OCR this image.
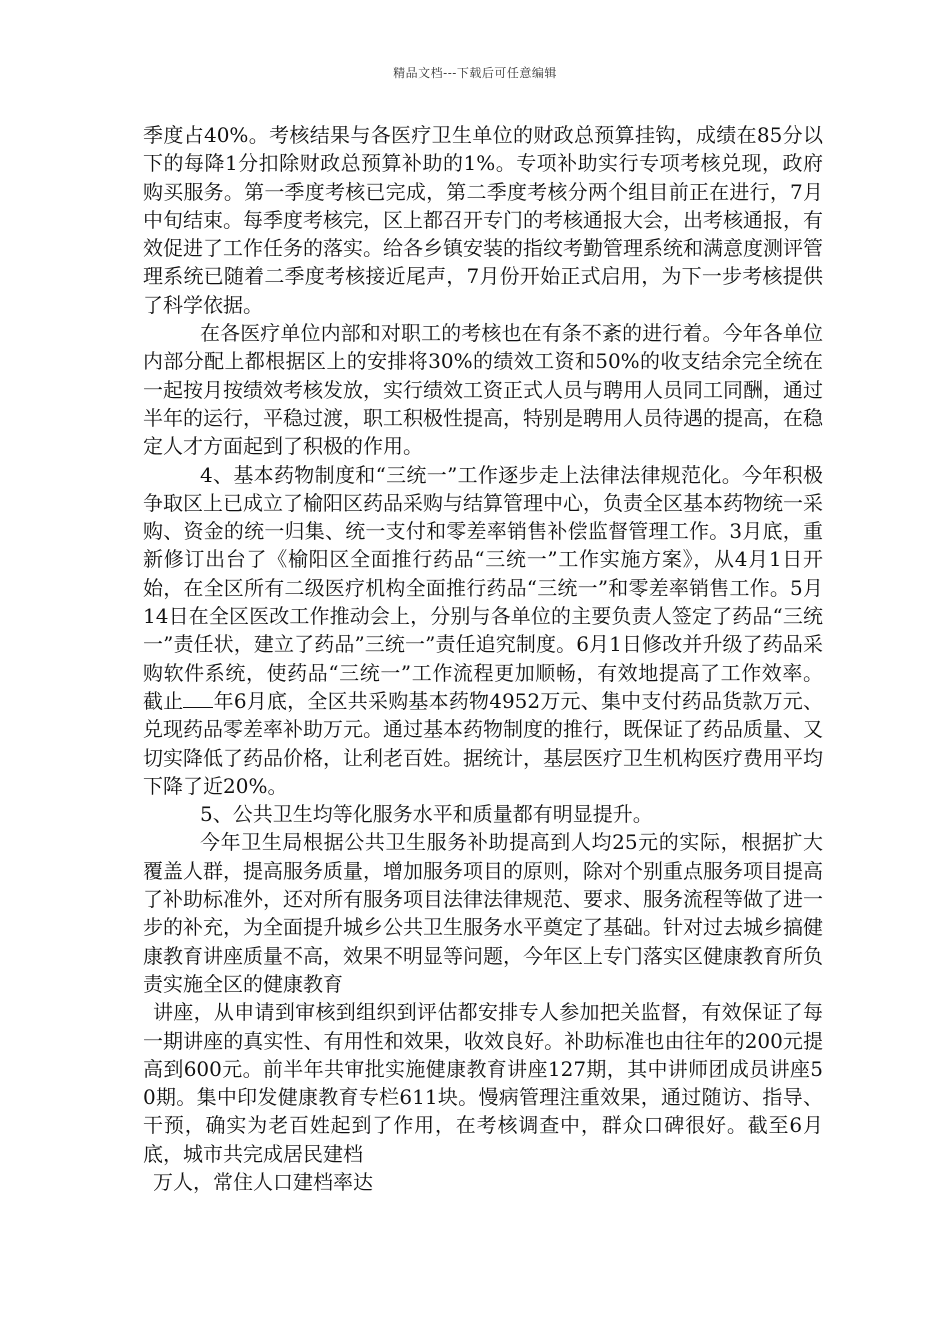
精品文档---下载后可任意编辑

季度占40%。考核结果与各医疗卫生单位的财政总预算挂钩，成绩在85分以下的每降1分扣除财政总预算补助的1%。专项补助实行专项考核兑现，政府购买服务。第一季度考核已完成，第二季度考核分两个组目前正在进行，7月中旬结束。每季度考核完，区上都召开专门的考核通报大会，出考核通报，有效促进了工作任务的落实。给各乡镇安装的指纹考勤管理系统和满意度测评管理系统已随着二季度考核接近尾声，7月份开始正式启用，为下一步考核提供了科学依据。

在各医疗单位内部和对职工的考核也在有条不紊的进行着。今年各单位内部分配上都根据区上的安排将30%的绩效工资和50%的收支结余完全统在一起按月按绩效考核发放，实行绩效工资正式人员与聘用人员同工同酬，通过半年的运行，平稳过渡，职工积极性提高，特别是聘用人员待遇的提高，在稳定人才方面起到了积极的作用。

4、基本药物制度和“三统一”工作逐步走上法律法律规范化。今年积极争取区上已成立了榆阳区药品采购与结算管理中心，负责全区基本药物统一采购、资金的统一归集、统一支付和零差率销售补偿监督管理工作。3月底，重新修订出台了《榆阳区全面推行药品“三统一”工作实施方案》，从4月1日开始，在全区所有二级医疗机构全面推行药品“三统一”和零差率销售工作。5月14日在全区医改工作推动会上，分别与各单位的主要负责人签定了药品“三统一”责任状，建立了药品”三统一”责任追究制度。6月1日修改并升级了药品采购软件系统，使药品“三统一”工作流程更加顺畅，有效地提高了工作效率。截止 年6月底，全区共采购基本药物4952万元、集中支付药品货款万元、兑现药品零差率补助万元。通过基本药物制度的推行，既保证了药品质量、又切实降低了药品价格，让利老百姓。据统计，基层医疗卫生机构医疗费用平均下降了近20%。

5、公共卫生均等化服务水平和质量都有明显提升。

今年卫生局根据公共卫生服务补助提高到人均25元的实际，根据扩大覆盖人群，提高服务质量，增加服务项目的原则，除对个别重点服务项目提高了补助标准外，还对所有服务项目法律法律规范、要求、服务流程等做了进一步的补充，为全面提升城乡公共卫生服务水平奠定了基础。针对过去城乡搞健康教育讲座质量不高，效果不明显等问题，今年区上专门落实区健康教育所负责实施全区的健康教育

讲座，从申请到审核到组织到评估都安排专人参加把关监督，有效保证了每一期讲座的真实性、有用性和效果，收效良好。补助标准也由往年的200元提高到600元。前半年共审批实施健康教育讲座127期，其中讲师团成员讲座50期。集中印发健康教育专栏611块。慢病管理注重效果，通过随访、指导、干预，确实为老百姓起到了作用，在考核调查中，群众口碑很好。截至6月底，城市共完成居民建档

万人，常住人口建档率达
